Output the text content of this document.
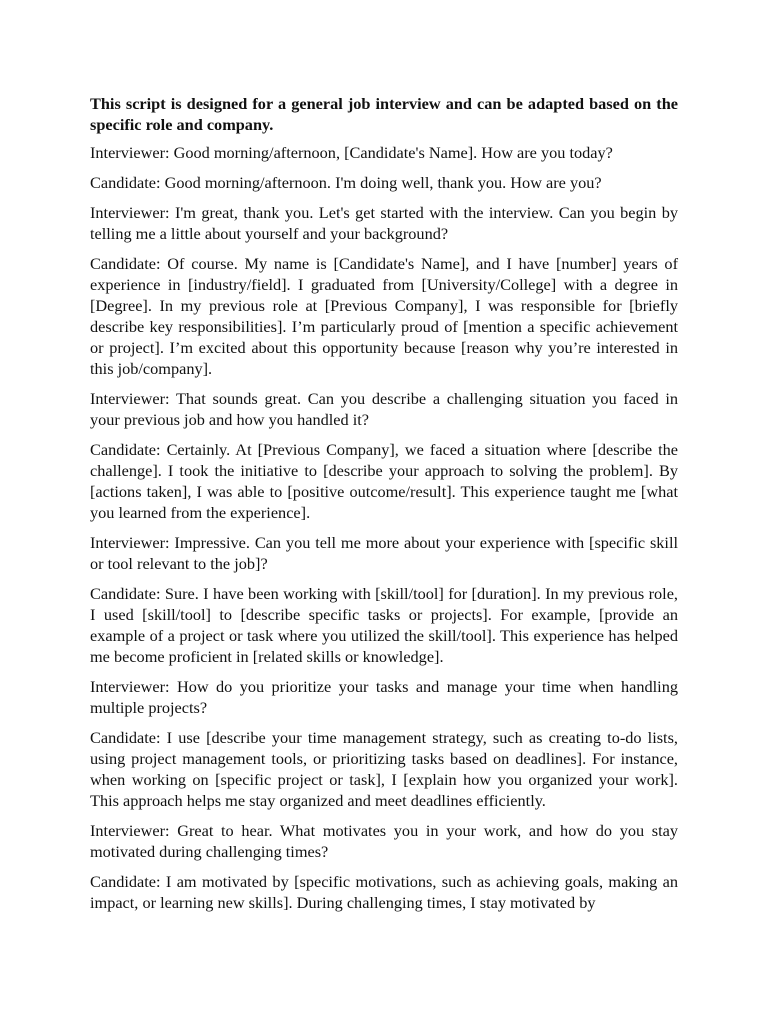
This script is designed for a general job interview and can be adapted based on the specific role and company.

Interviewer: Good morning/afternoon, [Candidate's Name]. How are you today?

Candidate: Good morning/afternoon. I'm doing well, thank you. How are you?

Interviewer: I'm great, thank you. Let's get started with the interview. Can you begin by telling me a little about yourself and your background?

Candidate: Of course. My name is [Candidate's Name], and I have [number] years of experience in [industry/field]. I graduated from [University/College] with a degree in [Degree]. In my previous role at [Previous Company], I was responsible for [briefly describe key responsibilities]. I’m particularly proud of [mention a specific achievement or project]. I’m excited about this opportunity because [reason why you’re interested in this job/company].

Interviewer: That sounds great. Can you describe a challenging situation you faced in your previous job and how you handled it?

Candidate: Certainly. At [Previous Company], we faced a situation where [describe the challenge]. I took the initiative to [describe your approach to solving the problem]. By [actions taken], I was able to [positive outcome/result]. This experience taught me [what you learned from the experience].

Interviewer: Impressive. Can you tell me more about your experience with [specific skill or tool relevant to the job]?

Candidate: Sure. I have been working with [skill/tool] for [duration]. In my previous role, I used [skill/tool] to [describe specific tasks or projects]. For example, [provide an example of a project or task where you utilized the skill/tool]. This experience has helped me become proficient in [related skills or knowledge].

Interviewer: How do you prioritize your tasks and manage your time when handling multiple projects?

Candidate: I use [describe your time management strategy, such as creating to-do lists, using project management tools, or prioritizing tasks based on deadlines]. For instance, when working on [specific project or task], I [explain how you organized your work]. This approach helps me stay organized and meet deadlines efficiently.

Interviewer: Great to hear. What motivates you in your work, and how do you stay motivated during challenging times?

Candidate: I am motivated by [specific motivations, such as achieving goals, making an impact, or learning new skills]. During challenging times, I stay motivated by
